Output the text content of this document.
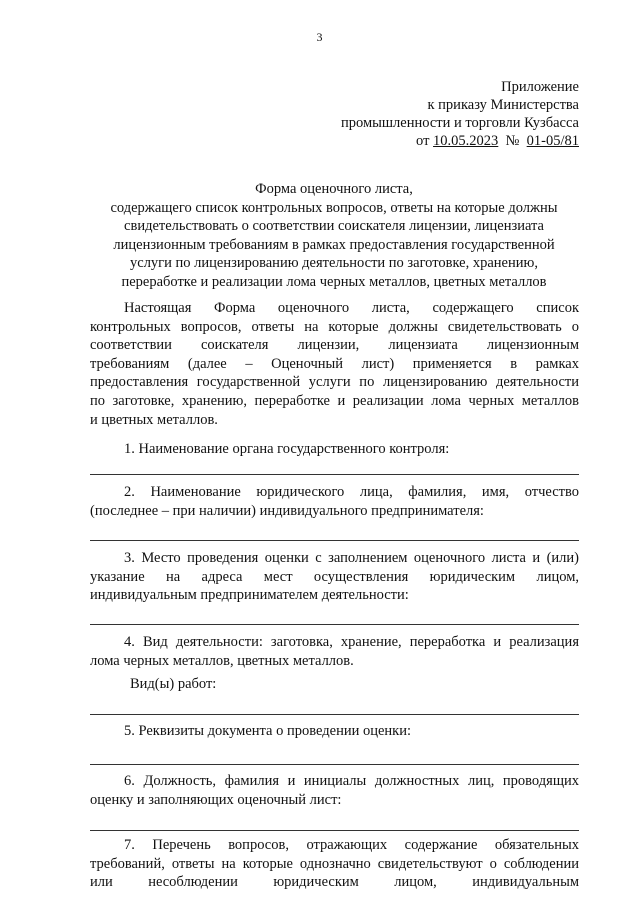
3
Приложение
к приказу Министерства
промышленности и торговли Кузбасса
от 10.05.2023 № 01-05/81
Форма оценочного листа,
содержащего список контрольных вопросов, ответы на которые должны
свидетельствовать о соответствии соискателя лицензии, лицензиата
лицензионным требованиям в рамках предоставления государственной
услуги по лицензированию деятельности по заготовке, хранению,
переработке и реализации лома черных металлов, цветных металлов
Настоящая Форма оценочного листа, содержащего список
контрольных вопросов, ответы на которые должны свидетельствовать о
соответствии соискателя лицензии, лицензиата лицензионным
требованиям (далее – Оценочный лист) применяется в рамках
предоставления государственной услуги по лицензированию деятельности
по заготовке, хранению, переработке и реализации лома черных металлов
и цветных металлов.
1. Наименование органа государственного контроля:
2. Наименование юридического лица, фамилия, имя, отчество
(последнее – при наличии) индивидуального предпринимателя:
3. Место проведения оценки с заполнением оценочного листа и (или)
указание на адреса мест осуществления юридическим лицом,
индивидуальным предпринимателем деятельности:
4. Вид деятельности: заготовка, хранение, переработка и реализация
лома черных металлов, цветных металлов.
Вид(ы) работ:
5. Реквизиты документа о проведении оценки:
6. Должность, фамилия и инициалы должностных лиц, проводящих
оценку и заполняющих оценочный лист:
7. Перечень вопросов, отражающих содержание обязательных
требований, ответы на которые однозначно свидетельствуют о соблюдении
или несоблюдении юридическим лицом, индивидуальным
